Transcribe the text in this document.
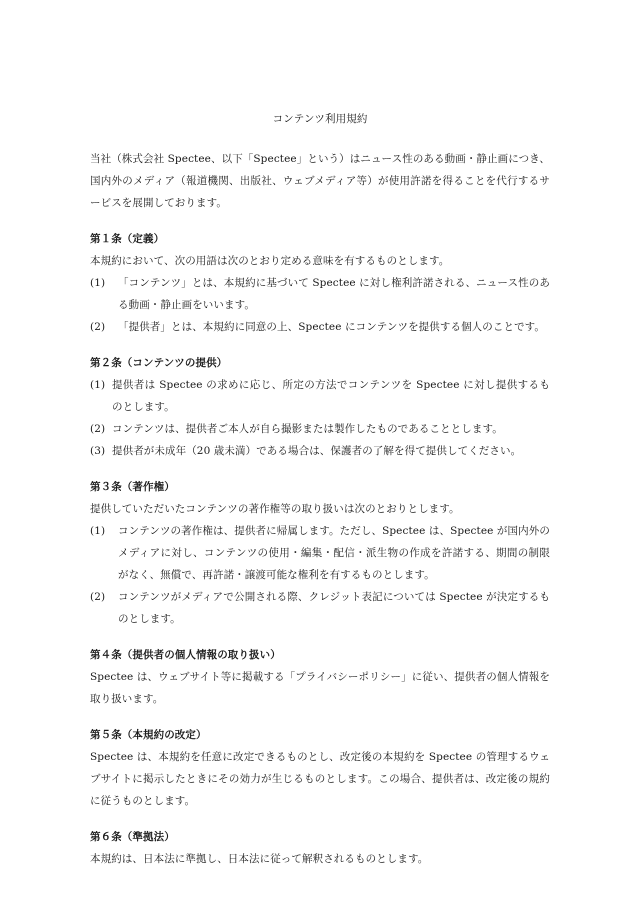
コンテンツ利用規約

当社（株式会社 Spectee、以下「Spectee」という）はニュース性のある動画・静止画につき、国内外のメディア（報道機関、出版社、ウェブメディア等）が使用許諾を得ることを代行するサービスを展開しております。

第１条（定義）

本規約において、次の用語は次のとおり定める意味を有するものとします。

(1) 「コンテンツ」とは、本規約に基づいて Spectee に対し権利許諾される、ニュース性のある動画・静止画をいいます。
(2) 「提供者」とは、本規約に同意の上、Spectee にコンテンツを提供する個人のことです。
第２条（コンテンツの提供）
(1) 提供者は Spectee の求めに応じ、所定の方法でコンテンツを Spectee に対し提供するものとします。
(2) コンテンツは、提供者ご本人が自ら撮影または製作したものであることとします。
(3) 提供者が未成年（20 歳未満）である場合は、保護者の了解を得て提供してください。
第３条（著作権）

提供していただいたコンテンツの著作権等の取り扱いは次のとおりとします。

(1) コンテンツの著作権は、提供者に帰属します。ただし、Spectee は、Spectee が国内外のメディアに対し、コンテンツの使用・編集・配信・派生物の作成を許諾する、期間の制限がなく、無償で、再許諾・譲渡可能な権利を有するものとします。
(2) コンテンツがメディアで公開される際、クレジット表記については Spectee が決定するものとします。
第４条（提供者の個人情報の取り扱い）

Spectee は、ウェブサイト等に掲載する「プライバシーポリシー」に従い、提供者の個人情報を取り扱います。

第５条（本規約の改定）

Spectee は、本規約を任意に改定できるものとし、改定後の本規約を Spectee の管理するウェブサイトに掲示したときにその効力が生じるものとします。この場合、提供者は、改定後の規約に従うものとします。

第６条（準拠法）

本規約は、日本法に準拠し、日本法に従って解釈されるものとします。
